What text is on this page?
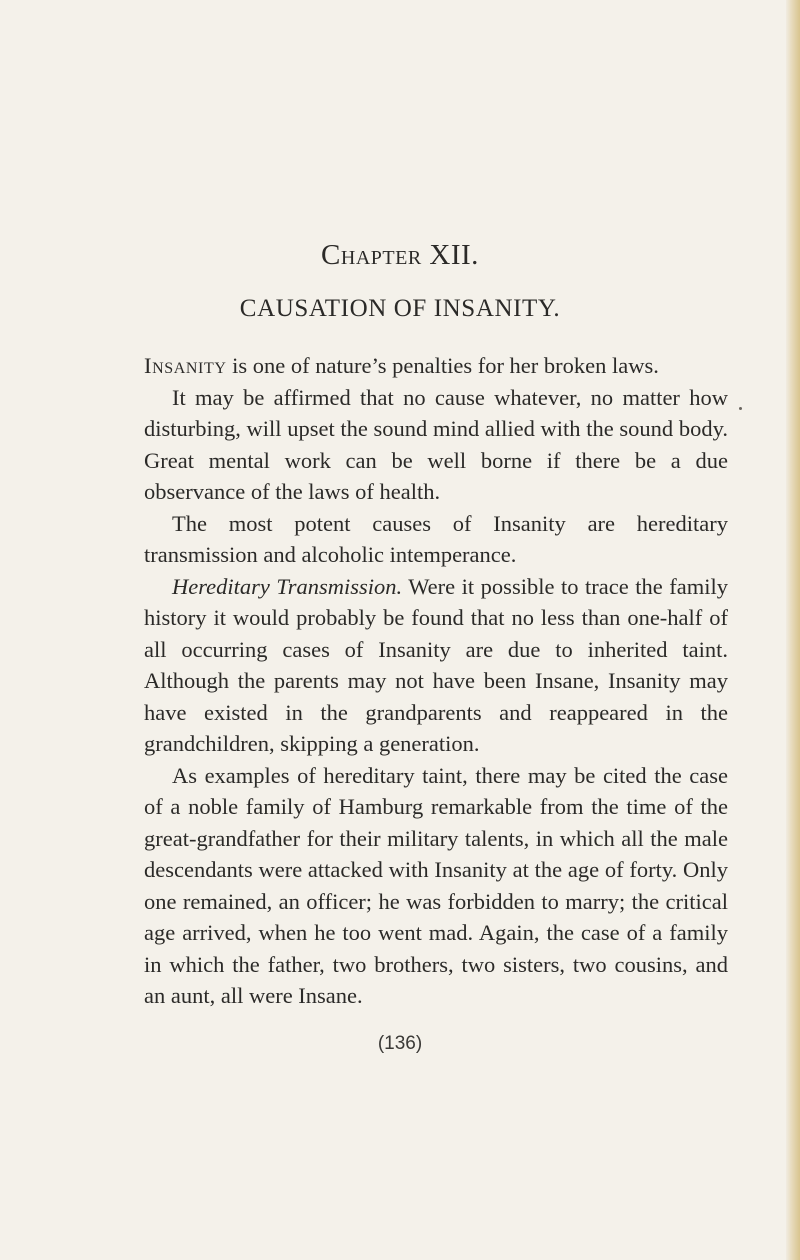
Chapter XII.
CAUSATION OF INSANITY.

Insanity is one of nature’s penalties for her broken laws.

It may be affirmed that no cause whatever, no matter how disturbing, will upset the sound mind allied with the sound body. Great mental work can be well borne if there be a due observance of the laws of health.

The most potent causes of Insanity are hereditary transmission and alcoholic intemperance.

Hereditary Transmission. Were it possible to trace the family history it would probably be found that no less than one-half of all occurring cases of Insanity are due to inherited taint. Although the parents may not have been Insane, Insanity may have existed in the grandparents and reappeared in the grandchildren, skipping a generation.

As examples of hereditary taint, there may be cited the case of a noble family of Hamburg remarkable from the time of the great-grandfather for their military talents, in which all the male descendants were attacked with Insanity at the age of forty. Only one remained, an officer; he was forbidden to marry; the critical age arrived, when he too went mad. Again, the case of a family in which the father, two brothers, two sisters, two cousins, and an aunt, all were Insane.

(136)
